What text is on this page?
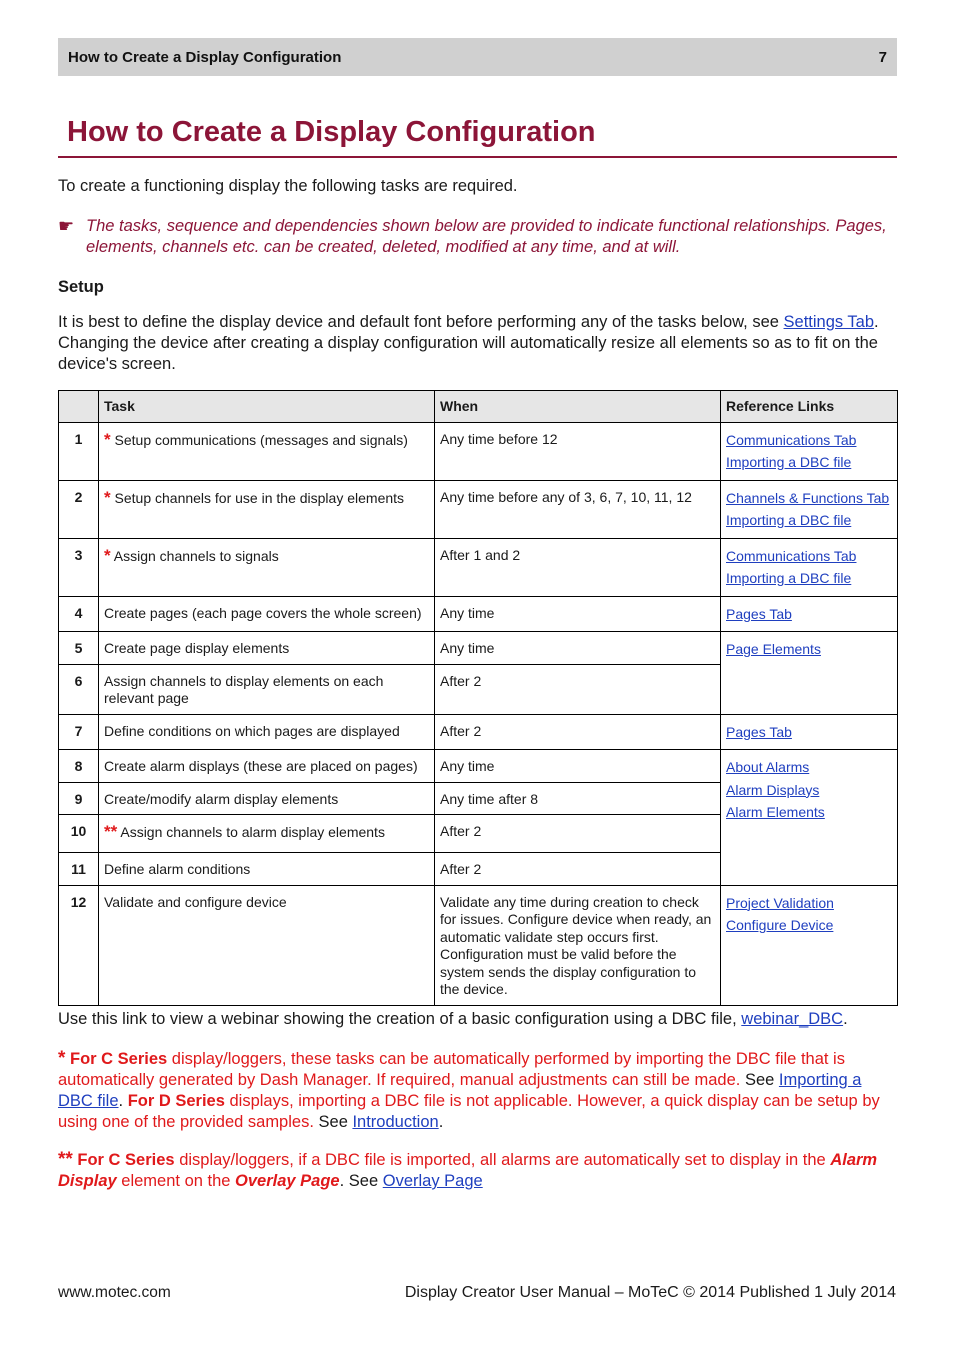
How to Create a Display Configuration	7
How to Create a Display Configuration

To create a functioning display the following tasks are required.

☛ The tasks, sequence and dependencies shown below are provided to indicate functional relationships. Pages, elements, channels etc. can be created, deleted, modified at any time, and at will.

Setup

It is best to define the display device and default font before performing any of the tasks below, see Settings Tab. Changing the device after creating a display configuration will automatically resize all elements so as to fit on the device's screen.

	Task	When	Reference Links
1	* Setup communications (messages and signals)	Any time before 12	Communications Tab
Importing a DBC file

2	* Setup channels for use in the display elements	Any time before any of 3, 6, 7, 10, 11, 12	Channels & Functions Tab
Importing a DBC file

3	* Assign channels to signals	After 1 and 2	Communications Tab
Importing a DBC file

4	Create pages (each page covers the whole screen)	Any time	Pages Tab

5	Create page display elements	Any time	Page Elements

6	Assign channels to display elements on each relevant page	After 2	
7	Define conditions on which pages are displayed	After 2	Pages Tab

8	Create alarm displays (these are placed on pages)	Any time	About Alarms
Alarm Displays
Alarm Elements

9	Create/modify alarm display elements	Any time after 8	
10	** Assign channels to alarm display elements	After 2	
11	Define alarm conditions	After 2	
12	Validate and configure device	Validate any time during creation to check for issues. Configure device when ready, an automatic validate step occurs first. Configuration must be valid before the system sends the display configuration to the device.	Project Validation
Configure Device

Use this link to view a webinar showing the creation of a basic configuration using a DBC file, webinar_DBC.

* For C Series display/loggers, these tasks can be automatically performed by importing the DBC file that is automatically generated by Dash Manager. If required, manual adjustments can still be made. See Importing a DBC file. For D Series displays, importing a DBC file is not applicable. However, a quick display can be setup by using one of the provided samples. See Introduction.

** For C Series display/loggers, if a DBC file is imported, all alarms are automatically set to display in the Alarm Display element on the Overlay Page. See Overlay Page

www.motec.com	Display Creator User Manual – MoTeC © 2014 Published 1 July 2014
